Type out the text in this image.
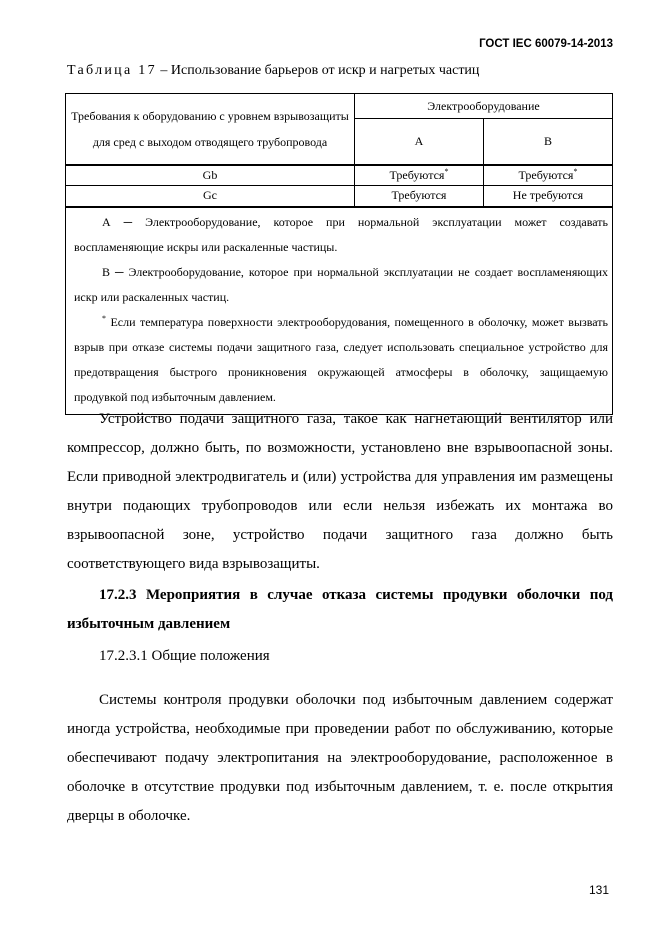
ГОСТ IEC 60079-14-2013
Таблица 17 – Использование барьеров от искр и нагретых частиц
Требования к оборудованию с уровнем взрывозащиты для сред с выходом отводящего трубопровода	Электрооборудование	
	А	В
Gb	Требуются*	Требуются*
Gc	Требуются	Не требуются

А ─ Электрооборудование, которое при нормальной эксплуатации может создавать воспламеняющие искры или раскаленные частицы.

В ─ Электрооборудование, которое при нормальной эксплуатации не создает воспламеняющих искр или раскаленных частиц.

* Если температура поверхности электрооборудования, помещенного в оболочку, может вызвать взрыв при отказе системы подачи защитного газа, следует использовать специальное устройство для предотвращения быстрого проникновения окружающей атмосферы в оболочку, защищаемую продувкой под избыточным давлением.		

Устройство подачи защитного газа, такое как нагнетающий вентилятор или компрессор, должно быть, по возможности, установлено вне взрывоопасной зоны. Если приводной электродвигатель и (или) устройства для управления им размещены внутри подающих трубопроводов или если нельзя избежать их монтажа во взрывоопасной зоне, устройство подачи защитного газа должно быть соответствующего вида взрывозащиты.

17.2.3 Мероприятия в случае отказа системы продувки оболочки под избыточным давлением

17.2.3.1 Общие положения

Системы контроля продувки оболочки под избыточным давлением содержат иногда устройства, необходимые при проведении работ по обслуживанию, которые обеспечивают подачу электропитания на электрооборудование, расположенное в оболочке в отсутствие продувки под избыточным давлением, т. е. после открытия дверцы в оболочке.

131
